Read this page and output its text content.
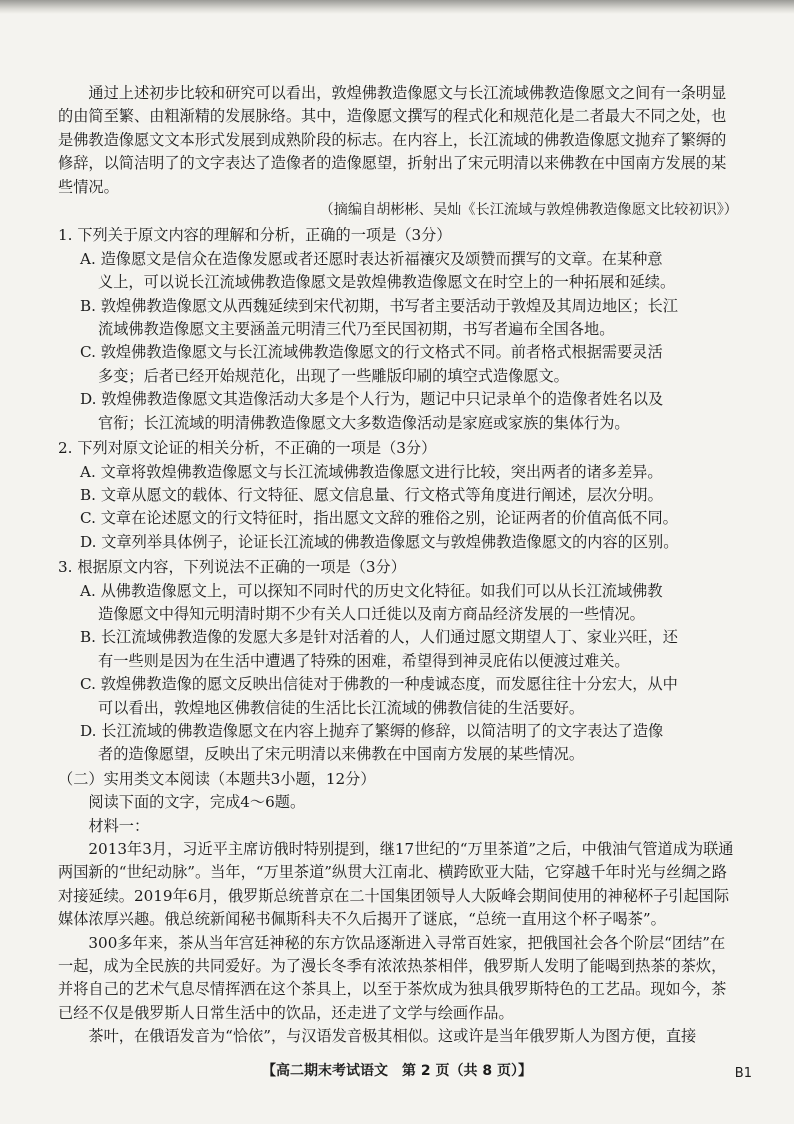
通过上述初步比较和研究可以看出，敦煌佛教造像愿文与长江流域佛教造像愿文之间有一条明显的由简至繁、由粗渐精的发展脉络。其中，造像愿文撰写的程式化和规范化是二者最大不同之处，也是佛教造像愿文文本形式发展到成熟阶段的标志。在内容上，长江流域的佛教造像愿文抛弃了繁缛的修辞，以简洁明了的文字表达了造像者的造像愿望，折射出了宋元明清以来佛教在中国南方发展的某些情况。

（摘编自胡彬彬、吴灿《长江流域与敦煌佛教造像愿文比较初识》）

1. 下列关于原文内容的理解和分析，正确的一项是（3分）

A. 造像愿文是信众在造像发愿或者还愿时表达祈福禳灾及颂赞而撰写的文章。在某种意
义上，可以说长江流域佛教造像愿文是敦煌佛教造像愿文在时空上的一种拓展和延续。

B. 敦煌佛教造像愿文从西魏延续到宋代初期，书写者主要活动于敦煌及其周边地区；长江
流域佛教造像愿文主要涵盖元明清三代乃至民国初期，书写者遍布全国各地。

C. 敦煌佛教造像愿文与长江流域佛教造像愿文的行文格式不同。前者格式根据需要灵活
多变；后者已经开始规范化，出现了一些雕版印刷的填空式造像愿文。

D. 敦煌佛教造像愿文其造像活动大多是个人行为，题记中只记录单个的造像者姓名以及
官衔；长江流域的明清佛教造像愿文大多数造像活动是家庭或家族的集体行为。

2. 下列对原文论证的相关分析，不正确的一项是（3分）

A. 文章将敦煌佛教造像愿文与长江流域佛教造像愿文进行比较，突出两者的诸多差异。

B. 文章从愿文的载体、行文特征、愿文信息量、行文格式等角度进行阐述，层次分明。

C. 文章在论述愿文的行文特征时，指出愿文文辞的雅俗之别，论证两者的价值高低不同。

D. 文章列举具体例子，论证长江流域的佛教造像愿文与敦煌佛教造像愿文的内容的区别。

3. 根据原文内容，下列说法不正确的一项是（3分）

A. 从佛教造像愿文上，可以探知不同时代的历史文化特征。如我们可以从长江流域佛教
造像愿文中得知元明清时期不少有关人口迁徙以及南方商品经济发展的一些情况。

B. 长江流域佛教造像的发愿大多是针对活着的人，人们通过愿文期望人丁、家业兴旺，还
有一些则是因为在生活中遭遇了特殊的困难，希望得到神灵庇佑以便渡过难关。

C. 敦煌佛教造像的愿文反映出信徒对于佛教的一种虔诚态度，而发愿往往十分宏大，从中
可以看出，敦煌地区佛教信徒的生活比长江流域的佛教信徒的生活要好。

D. 长江流域的佛教造像愿文在内容上抛弃了繁缛的修辞，以简洁明了的文字表达了造像
者的造像愿望，反映出了宋元明清以来佛教在中国南方发展的某些情况。

（二）实用类文本阅读（本题共3小题，12分）

阅读下面的文字，完成4～6题。

材料一：

2013年3月，习近平主席访俄时特别提到，继17世纪的“万里茶道”之后，中俄油气管道成为联通两国新的“世纪动脉”。当年，“万里茶道”纵贯大江南北、横跨欧亚大陆，它穿越千年时光与丝绸之路对接延续。2019年6月，俄罗斯总统普京在二十国集团领导人大阪峰会期间使用的神秘杯子引起国际媒体浓厚兴趣。俄总统新闻秘书佩斯科夫不久后揭开了谜底，“总统一直用这个杯子喝茶”。

300多年来，茶从当年宫廷神秘的东方饮品逐渐进入寻常百姓家，把俄国社会各个阶层“团结”在一起，成为全民族的共同爱好。为了漫长冬季有浓浓热茶相伴，俄罗斯人发明了能喝到热茶的茶炊，并将自己的艺术气息尽情挥洒在这个茶具上，以至于茶炊成为独具俄罗斯特色的工艺品。现如今，茶已经不仅是俄罗斯人日常生活中的饮品，还走进了文学与绘画作品。

茶叶，在俄语发音为“恰依”，与汉语发音极其相似。这或许是当年俄罗斯人为图方便，直接

【高二期末考试语文　第 2 页（共 8 页）】	B1
